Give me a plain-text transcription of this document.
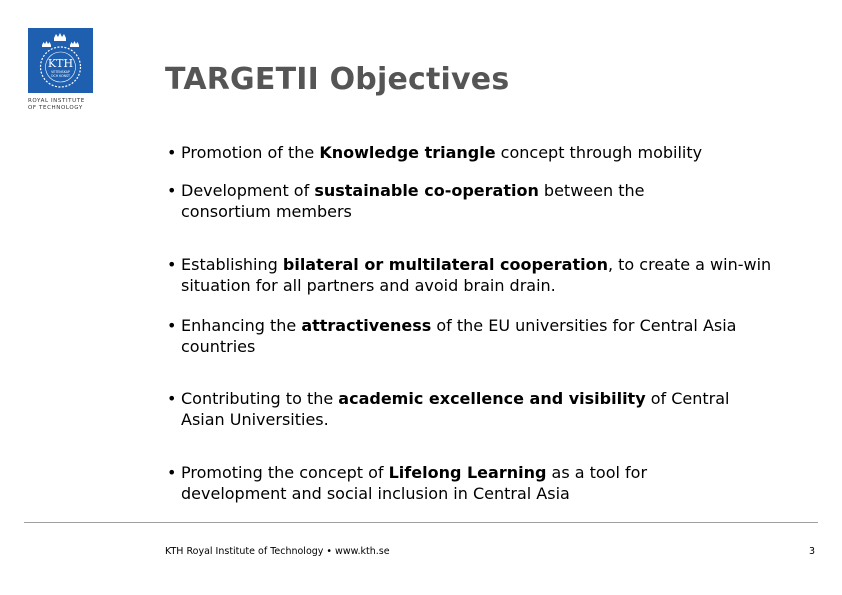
KTH
VETENSKAP
OCH KONST
ROYAL INSTITUTE
OF TECHNOLOGY
TARGETII Objectives
• Promotion of the Knowledge triangle concept through mobility
• Development of sustainable co-operation between the consortium members
• Establishing bilateral or multilateral cooperation, to create a win-win situation for all partners and avoid brain drain.
• Enhancing the attractiveness of the EU universities for Central Asia countries
• Contributing to the academic excellence and visibility of Central Asian Universities.
• Promoting the concept of Lifelong Learning as a tool for development and social inclusion in Central Asia
KTH Royal Institute of Technology • www.kth.se	3
